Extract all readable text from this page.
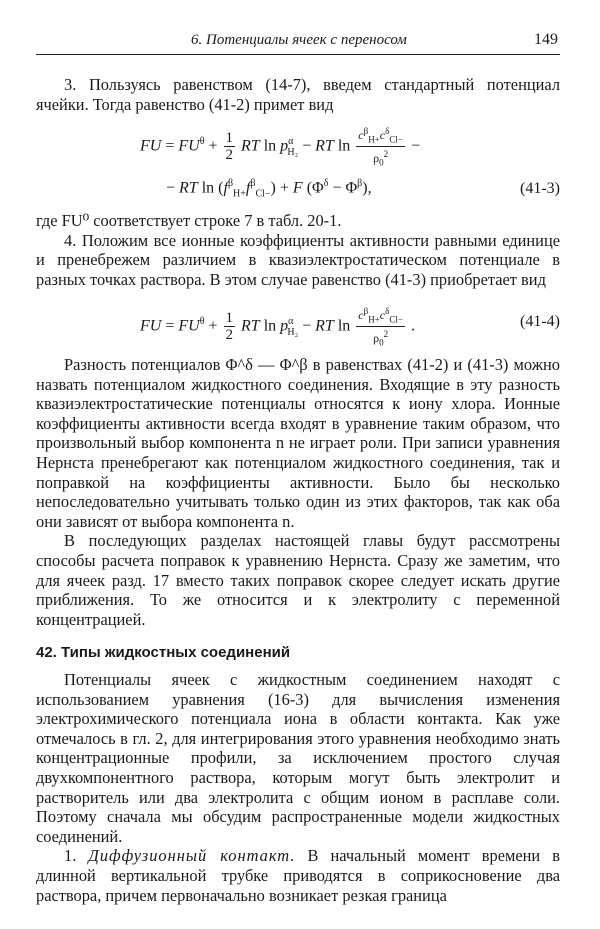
6. Потенциалы ячеек с переносом	149

3. Пользуясь равенством (14-7), введем стандартный потенциал ячейки. Тогда равенство (41-2) примет вид

FU = $FU^\theta + \frac{1}{2}$ RT $\ln p^\alpha_{H_2}$ − RT $\ln \frac{c^\beta_{H+}c^\delta_{Cl-}}{\rho_0^2}$ −
− RT $\ln (f^\beta_{H+}f^\beta_{Cl-}) + F$ $(\Phi^\delta - \Phi^\beta)$,	(41-3)

где FU⁰ соответствует строке 7 в табл. 20-1.

4. Положим все ионные коэффициенты активности равными единице и пренебрежем различием в квазиэлектростатическом потенциале в разных точках раствора. В этом случае равенство (41-3) приобретает вид

FU = $FU^\theta + \frac{1}{2}$ RT $\ln p^\alpha_{H_2}$ − RT $\ln \frac{c^\beta_{H+}c^\delta_{Cl-}}{\rho_0^2}$ .	(41-4)

Разность потенциалов Φ^δ — Φ^β в равенствах (41-2) и (41-3) можно назвать потенциалом жидкостного соединения. Входящие в эту разность квазиэлектростатические потенциалы относятся к иону хлора. Ионные коэффициенты активности всегда входят в уравнение таким образом, что произвольный выбор компонента n не играет роли. При записи уравнения Нернста пренебрегают как потенциалом жидкостного соединения, так и поправкой на коэффициенты активности. Было бы несколько непоследовательно учитывать только один из этих факторов, так как оба они зависят от выбора компонента n.

В последующих разделах настоящей главы будут рассмотрены способы расчета поправок к уравнению Нернста. Сразу же заметим, что для ячеек разд. 17 вместо таких поправок скорее следует искать другие приближения. То же относится и к электролиту с переменной концентрацией.

42. Типы жидкостных соединений

Потенциалы ячеек с жидкостным соединением находят с использованием уравнения (16-3) для вычисления изменения электрохимического потенциала иона в области контакта. Как уже отмечалось в гл. 2, для интегрирования этого уравнения необходимо знать концентрационные профили, за исключением простого случая двухкомпонентного раствора, которым могут быть электролит и растворитель или два электролита с общим ионом в расплаве соли. Поэтому сначала мы обсудим распространенные модели жидкостных соединений.

1. Диффузионный контакт. В начальный момент времени в длинной вертикальной трубке приводятся в соприкосновение два раствора, причем первоначально возникает резкая граница
